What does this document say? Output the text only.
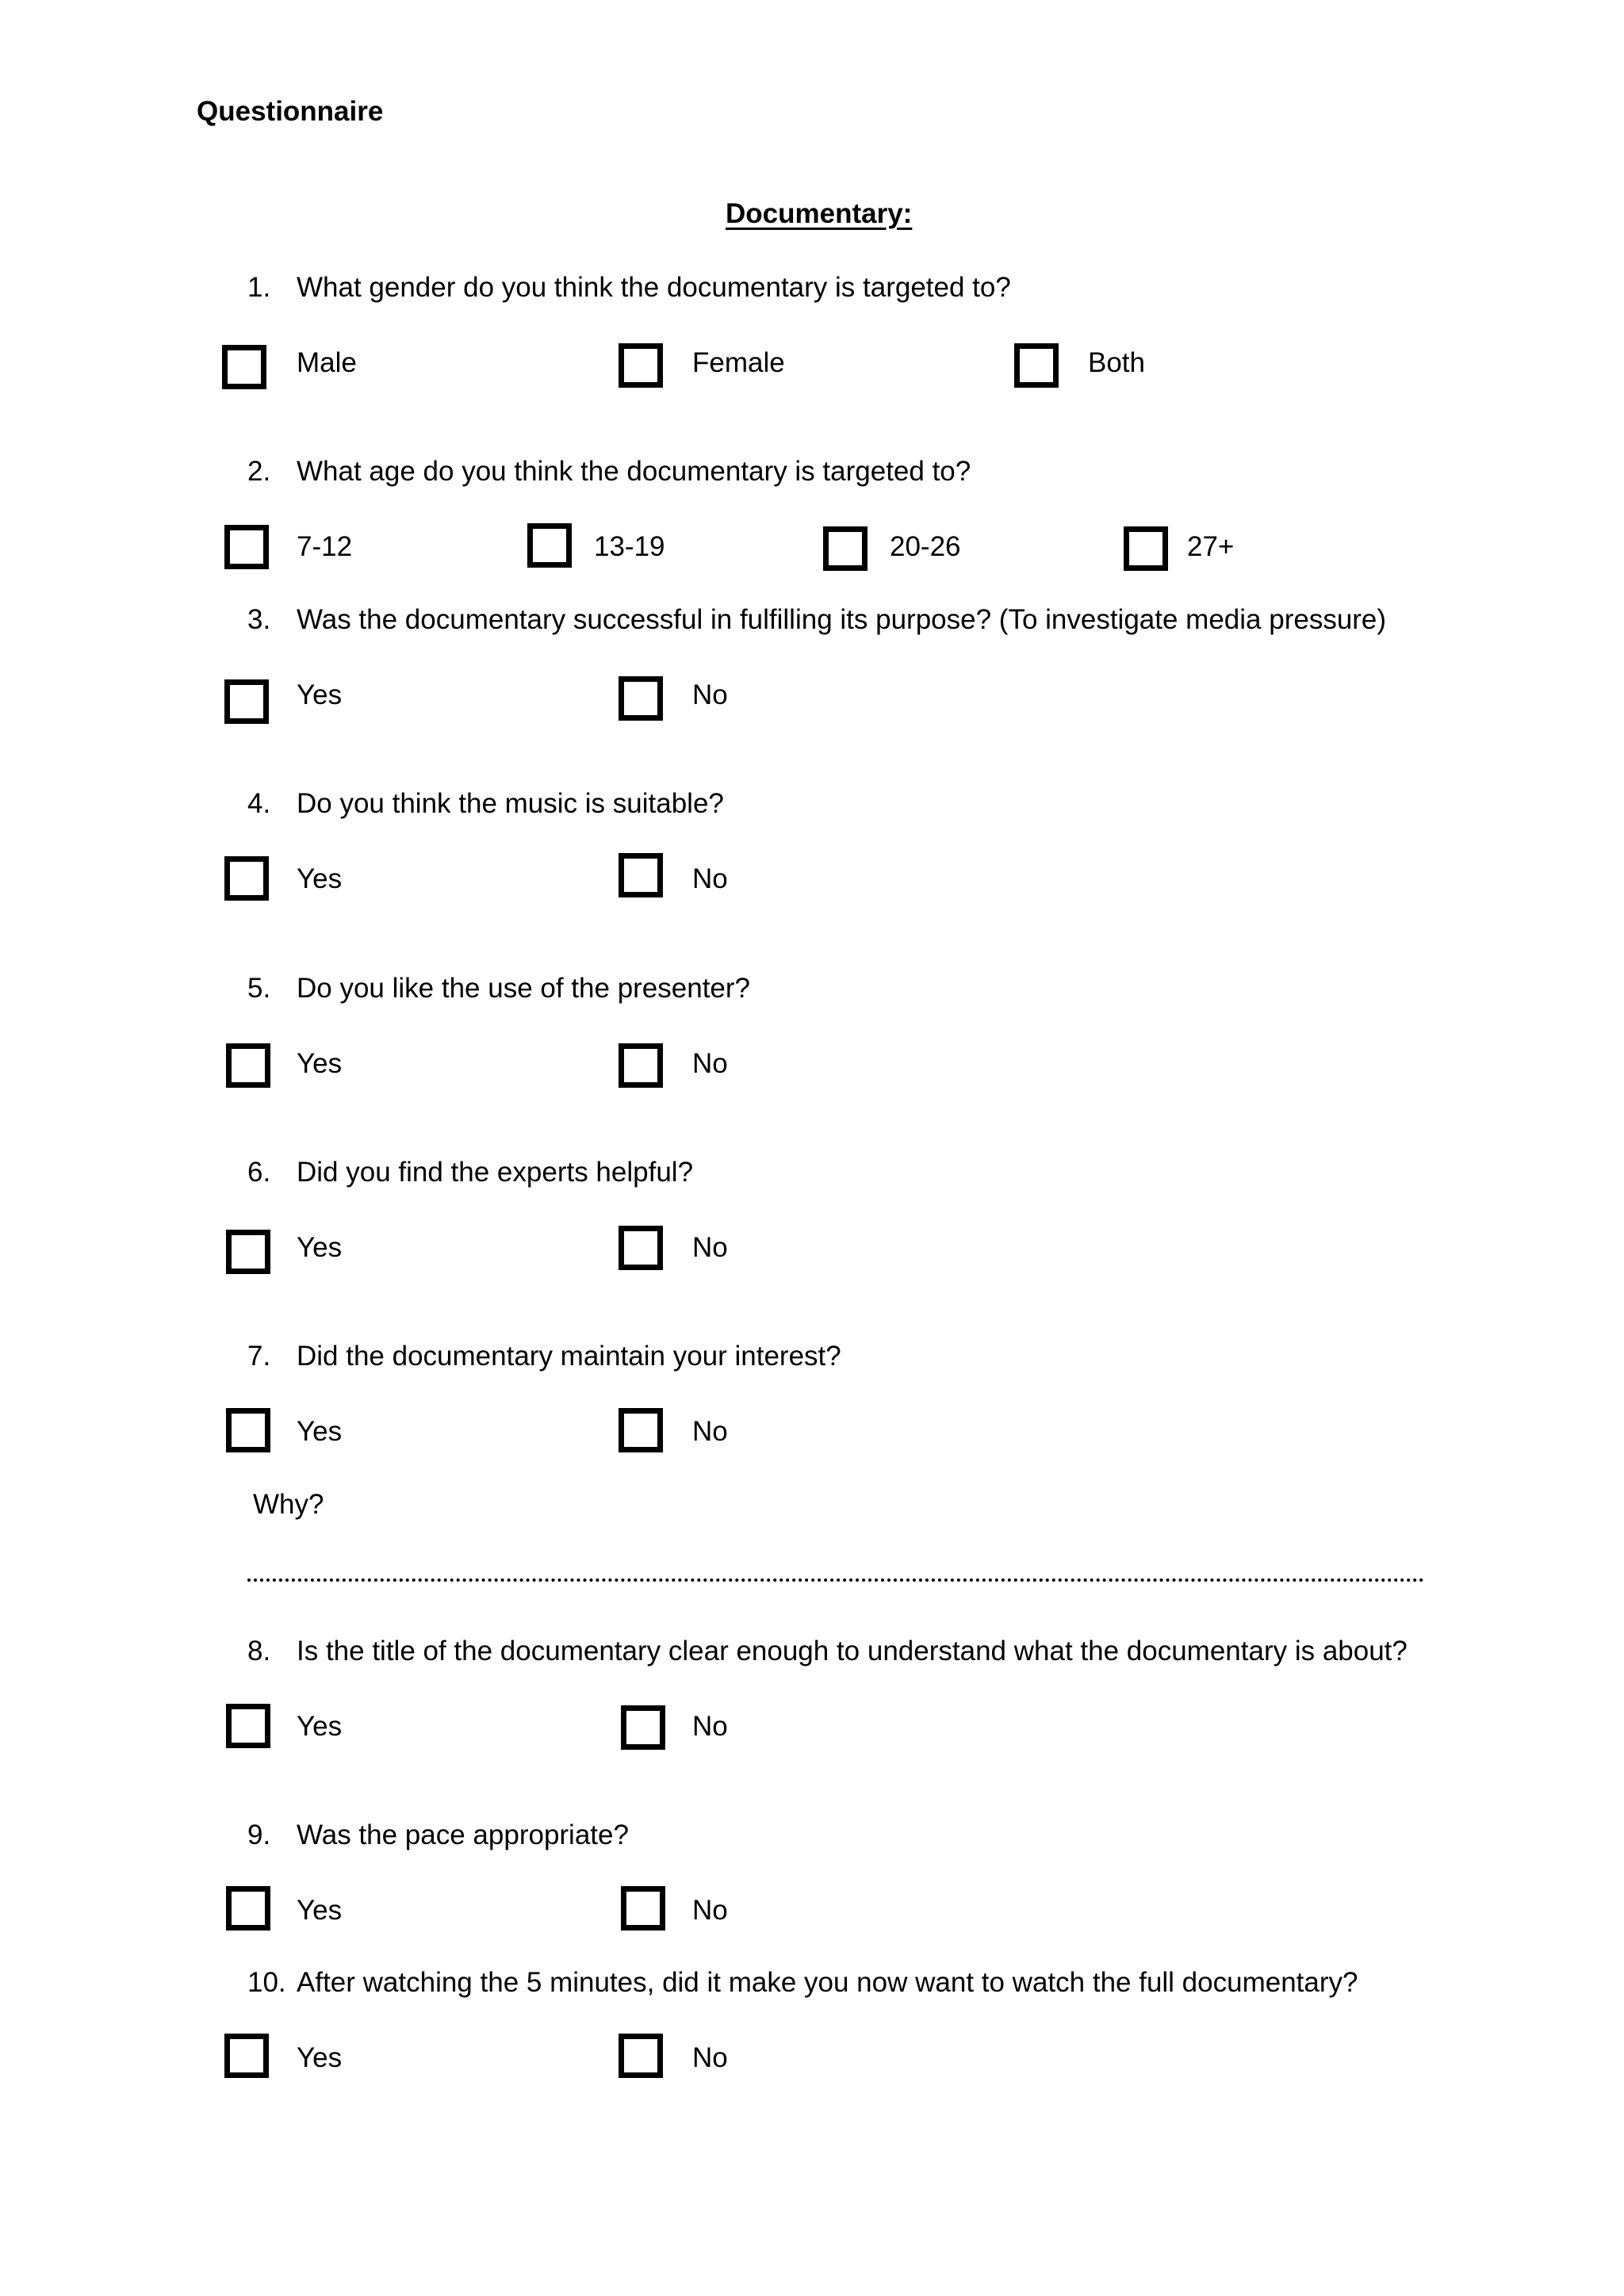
Questionnaire
Documentary:
1. What gender do you think the documentary is targeted to?
Male	Female	Both
2. What age do you think the documentary is targeted to?
7-12	13-19	20-26	27+
3. Was the documentary successful in fulfilling its purpose? (To investigate media pressure)
Yes	No
4. Do you think the music is suitable?
Yes	No
5. Do you like the use of the presenter?
Yes	No
6. Did you find the experts helpful?
Yes	No
7. Did the documentary maintain your interest?
Yes	No
Why?
8. Is the title of the documentary clear enough to understand what the documentary is about?
Yes	No
9. Was the pace appropriate?
Yes	No
10. After watching the 5 minutes, did it make you now want to watch the full documentary?
Yes	No
